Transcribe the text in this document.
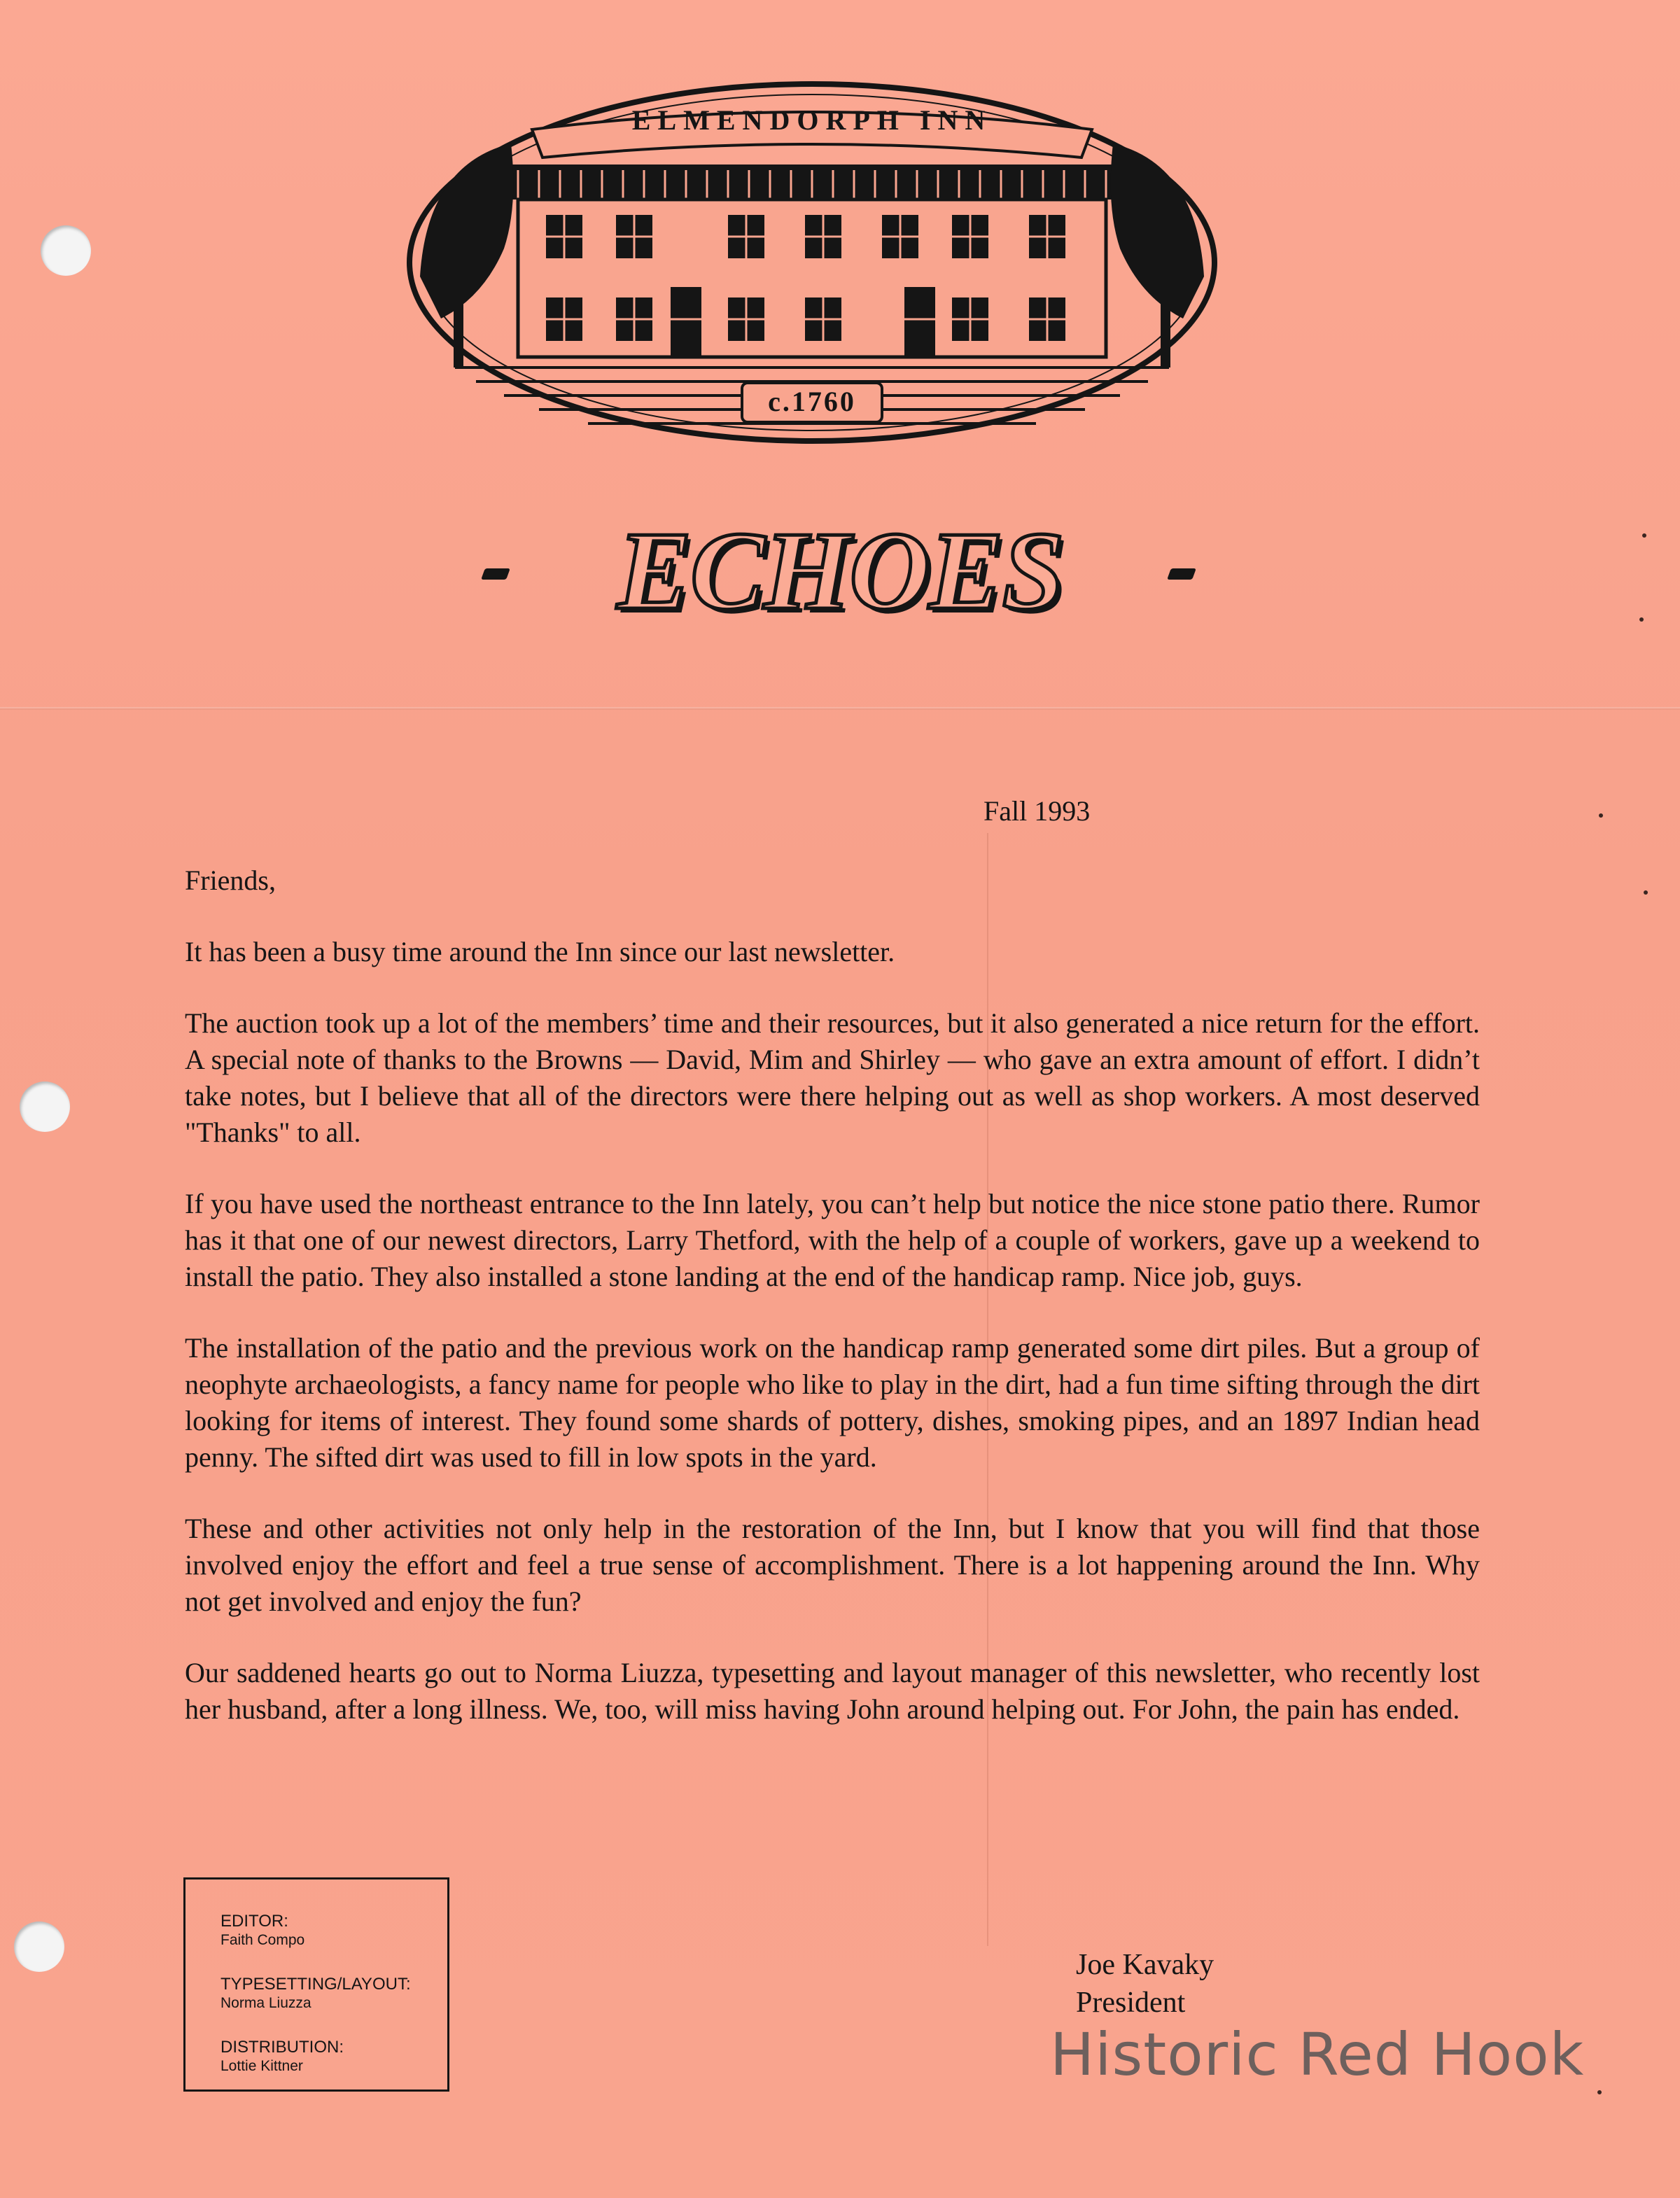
ELMENDORPH INN
c.1760
ECHOES
Fall 1993

Friends,

It has been a busy time around the Inn since our last newsletter.

The auction took up a lot of the members’ time and their resources, but it also generated a nice return for the effort. A special note of thanks to the Browns — David, Mim and Shirley — who gave an extra amount of effort. I didn’t take notes, but I believe that all of the directors were there helping out as well as shop workers. A most deserved "Thanks" to all.

If you have used the northeast entrance to the Inn lately, you can’t help but notice the nice stone patio there. Rumor has it that one of our newest directors, Larry Thetford, with the help of a couple of workers, gave up a weekend to install the patio. They also installed a stone landing at the end of the handicap ramp. Nice job, guys.

The installation of the patio and the previous work on the handicap ramp generated some dirt piles. But a group of neophyte archaeologists, a fancy name for people who like to play in the dirt, had a fun time sifting through the dirt looking for items of interest. They found some shards of pottery, dishes, smoking pipes, and an 1897 Indian head penny. The sifted dirt was used to fill in low spots in the yard.

These and other activities not only help in the restoration of the Inn, but I know that you will find that those involved enjoy the effort and feel a true sense of accomplishment. There is a lot happening around the Inn. Why not get involved and enjoy the fun?

Our saddened hearts go out to Norma Liuzza, typesetting and layout manager of this newsletter, who recently lost her husband, after a long illness. We, too, will miss having John around helping out. For John, the pain has ended.

EDITOR:
Faith Compo
TYPESETTING/LAYOUT:
Norma Liuzza
DISTRIBUTION:
Lottie Kittner
Joe Kavaky
President
Historic Red Hook
